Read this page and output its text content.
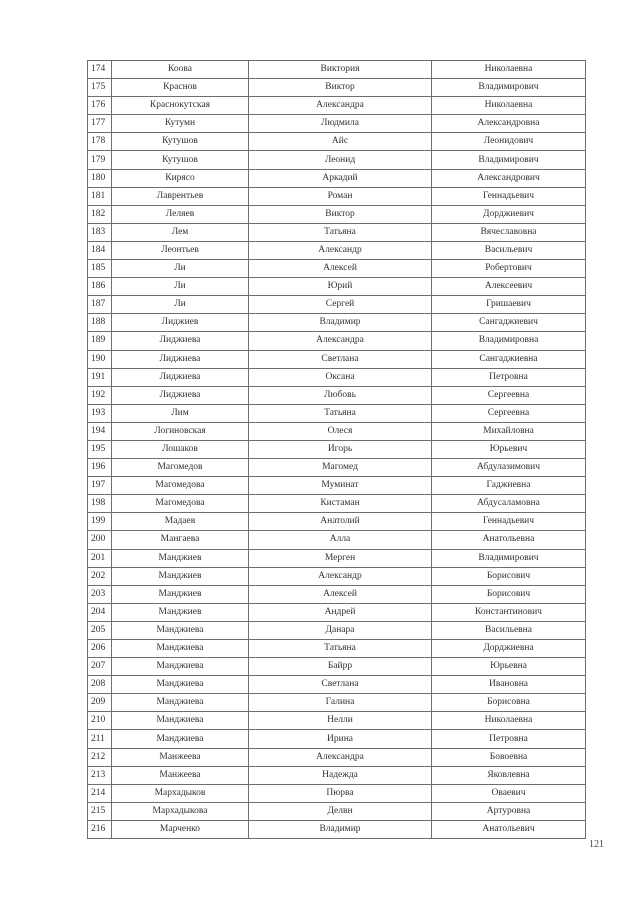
174	Коова	Виктория	Николаевна
175	Краснов	Виктор	Владимирович
176	Краснокутская	Александра	Николаевна
177	Кутумн	Людмила	Александровна
178	Кутушов	Айс	Леонидович
179	Кутушов	Леонид	Владимирович
180	Кирясо	Аркадий	Александрович
181	Лаврентьев	Роман	Геннадьевич
182	Леляев	Виктор	Дорджиевич
183	Лем	Татьяна	Вячеславовна
184	Леонтьев	Александр	Васильевич
185	Ли	Алексей	Робертович
186	Ли	Юрий	Алексеевич
187	Ли	Сергей	Гришаевич
188	Лиджиев	Владимир	Сангаджиевич
189	Лиджиева	Александра	Владимировна
190	Лиджиева	Светлана	Сангаджиевна
191	Лиджиева	Оксана	Петровна
192	Лиджиева	Любовь	Сергеевна
193	Лим	Татьяна	Сергеевна
194	Логиновская	Олеся	Михайловна
195	Лошаков	Игорь	Юрьевич
196	Магомедов	Магомед	Абдулазимович
197	Магомедова	Муминат	Гаджиевна
198	Магомедова	Кистаман	Абдусаламовна
199	Мадаев	Анатолий	Геннадьевич
200	Мангаева	Алла	Анатольевна
201	Манджиев	Мерген	Владимирович
202	Манджиев	Александр	Борисович
203	Манджиев	Алексей	Борисович
204	Манджиев	Андрей	Константинович
205	Манджиева	Данара	Васильевна
206	Манджиева	Татьяна	Дорджиевна
207	Манджиева	Байрр	Юрьевна
208	Манджиева	Светлана	Ивановна
209	Манджиева	Галина	Борисовна
210	Манджиева	Нелли	Николаевна
211	Манджиева	Ирина	Петровна
212	Манжеева	Александра	Бовоевна
213	Манжеева	Надежда	Яковлевна
214	Мархадыков	Пюрва	Оваевич
215	Мархадыкова	Делвн	Артуровна
216	Марченко	Владимир	Анатольевич
121
